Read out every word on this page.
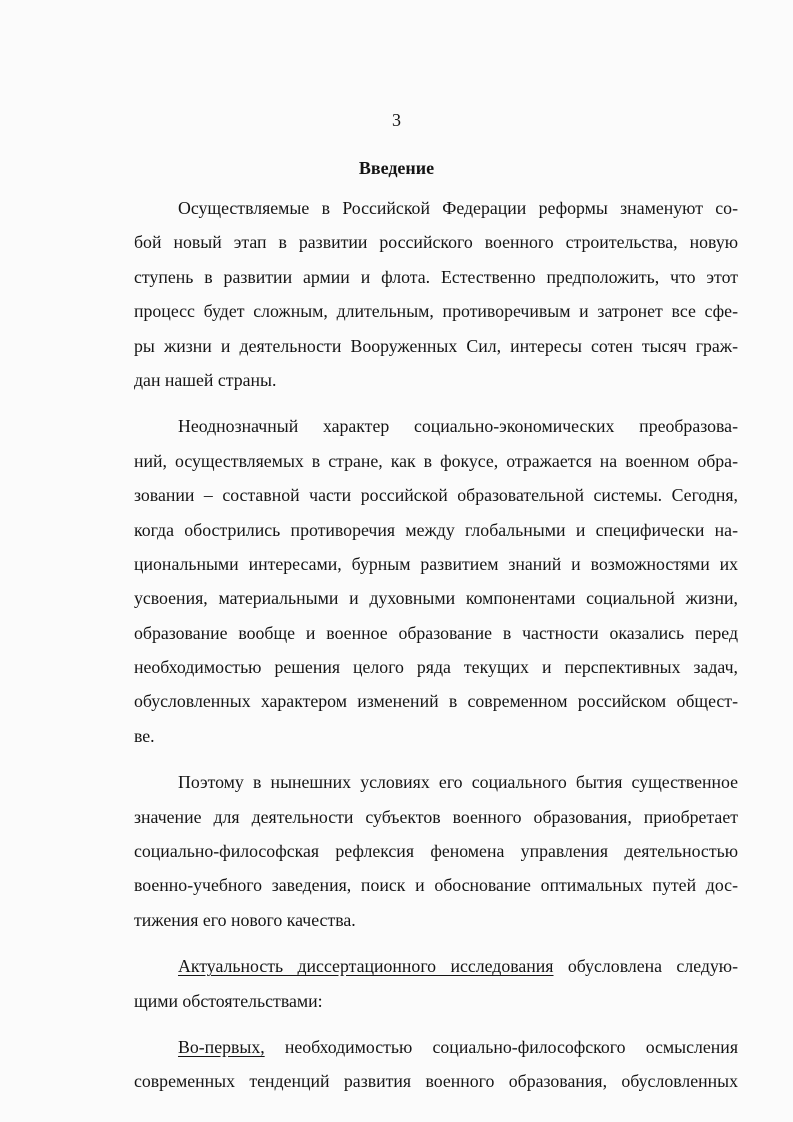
3
Введение
Осуществляемые в Российской Федерации реформы знаменуют со-
бой новый этап в развитии российского военного строительства, новую
ступень в развитии армии и флота. Естественно предположить, что этот
процесс будет сложным, длительным, противоречивым и затронет все сфе-
ры жизни и деятельности Вооруженных Сил, интересы сотен тысяч граж-
дан нашей страны.
Неоднозначный характер социально-экономических преобразова-
ний, осуществляемых в стране, как в фокусе, отражается на военном обра-
зовании – составной части российской образовательной системы. Сегодня,
когда обострились противоречия между глобальными и специфически на-
циональными интересами, бурным развитием знаний и возможностями их
усвоения, материальными и духовными компонентами социальной жизни,
образование вообще и военное образование в частности оказались перед
необходимостью решения целого ряда текущих и перспективных задач,
обусловленных характером изменений в современном российском общест-
ве.
Поэтому в нынешних условиях его социального бытия существенное
значение для деятельности субъектов военного образования, приобретает
социально-философская рефлексия феномена управления деятельностью
военно-учебного заведения, поиск и обоснование оптимальных путей дос-
тижения его нового качества.
Актуальность диссертационного исследования обусловлена следую-
щими обстоятельствами:
Во-первых, необходимостью социально-философского осмысления
современных тенденций развития военного образования, обусловленных
